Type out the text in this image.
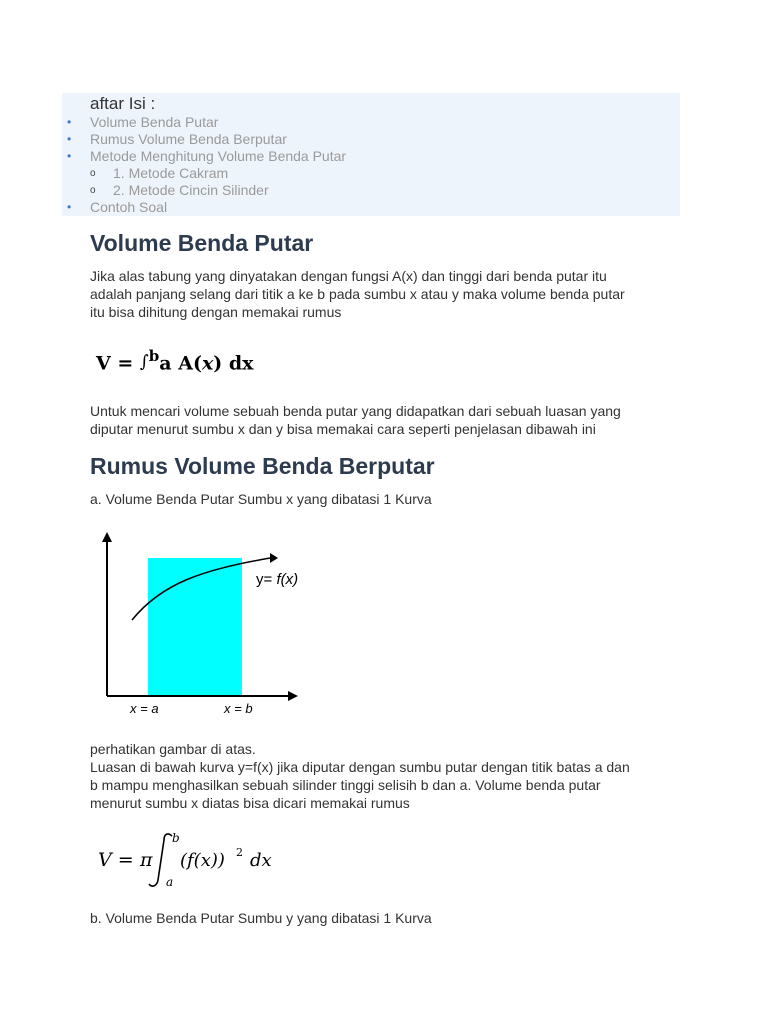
aftar Isi :
• Volume Benda Putar
• Rumus Volume Benda Berputar
• Metode Menghitung Volume Benda Putar
o 1. Metode Cakram
o 2. Metode Cincin Silinder
• Contoh Soal
Volume Benda Putar

Jika alas tabung yang dinyatakan dengan fungsi A(x) dan tinggi dari benda putar itu
adalah panjang selang dari titik a ke b pada sumbu x atau y maka volume benda putar
itu bisa dihitung dengan memakai rumus

V = ∫$^b$a A(x) dx

Untuk mencari volume sebuah benda putar yang didapatkan dari sebuah luasan yang
diputar menurut sumbu x dan y bisa memakai cara seperti penjelasan dibawah ini

Rumus Volume Benda Berputar

a. Volume Benda Putar Sumbu x yang dibatasi 1 Kurva

y= f(x)
x = a	x = b

perhatikan gambar di atas.
Luasan di bawah kurva y=f(x) jika diputar dengan sumbu putar dengan titik batas a dan
b mampu menghasilkan sebuah silinder tinggi selisih b dan a. Volume benda putar
menurut sumbu x diatas bisa dicari memakai rumus

V = π
b
a
(f(x)) 2 dx

b. Volume Benda Putar Sumbu y yang dibatasi 1 Kurva
